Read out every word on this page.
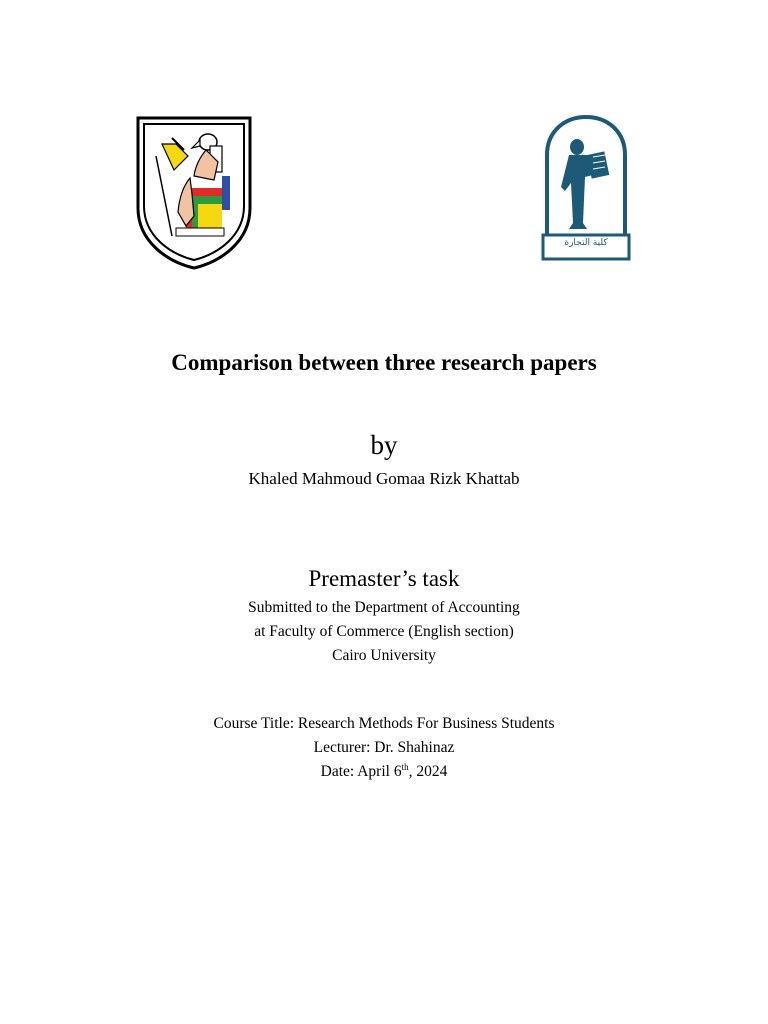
كلية التجارة
Comparison between three research papers
by
Khaled Mahmoud Gomaa Rizk Khattab
Premaster’s task
Submitted to the Department of Accounting
at Faculty of Commerce (English section)
Cairo University
Course Title: Research Methods For Business Students
Lecturer: Dr. Shahinaz
Date: April 6th, 2024
